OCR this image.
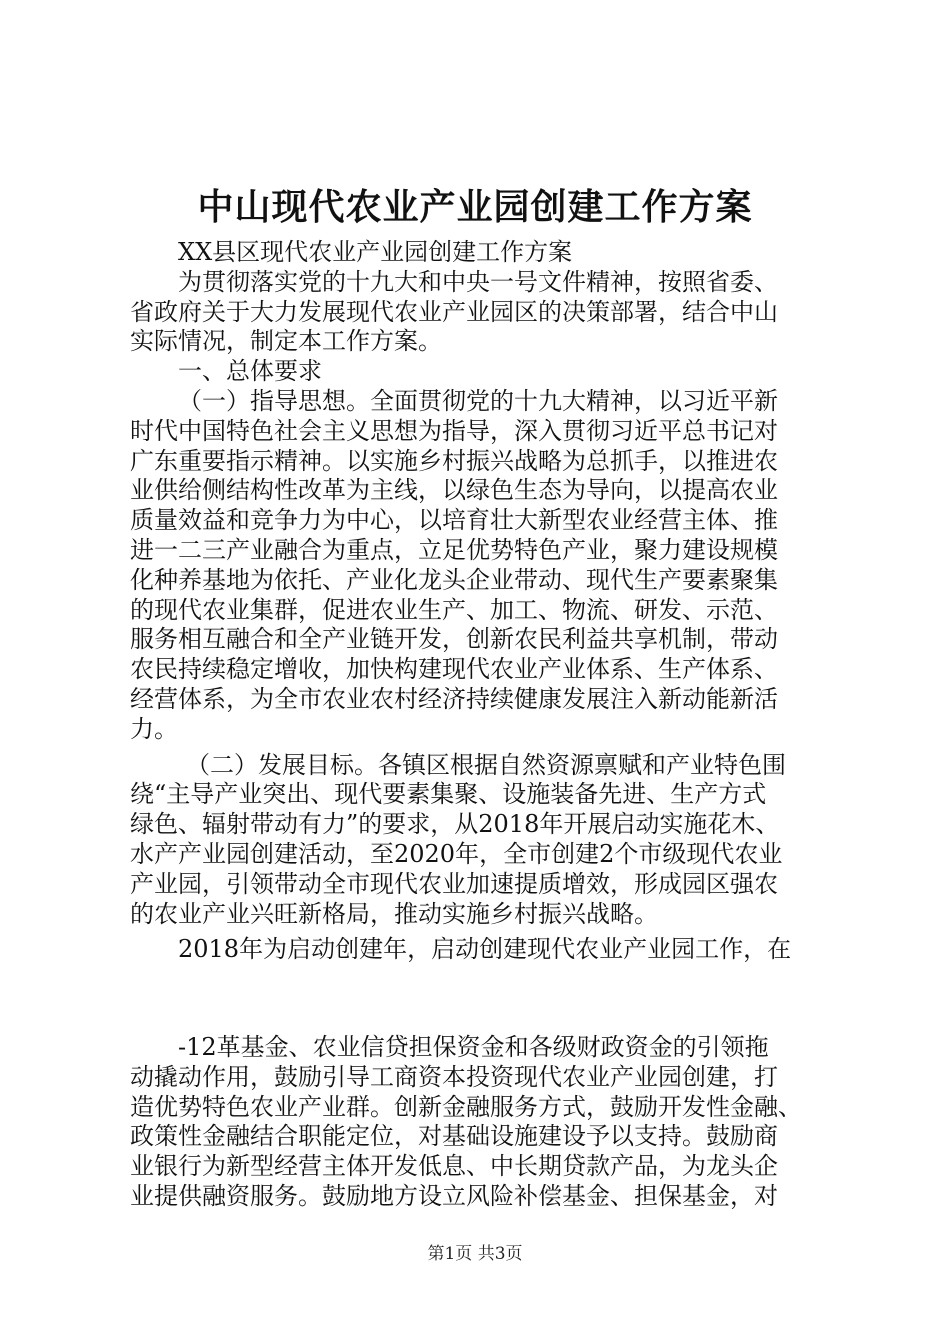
中山现代农业产业园创建工作方案
XX县区现代农业产业园创建工作方案
为贯彻落实党的十九大和中央一号文件精神，按照省委、
省政府关于大力发展现代农业产业园区的决策部署，结合中山
实际情况，制定本工作方案。
一、总体要求
（一）指导思想。全面贯彻党的十九大精神，以习近平新
时代中国特色社会主义思想为指导，深入贯彻习近平总书记对
广东重要指示精神。以实施乡村振兴战略为总抓手，以推进农
业供给侧结构性改革为主线，以绿色生态为导向，以提高农业
质量效益和竞争力为中心，以培育壮大新型农业经营主体、推
进一二三产业融合为重点，立足优势特色产业，聚力建设规模
化种养基地为依托、产业化龙头企业带动、现代生产要素聚集
的现代农业集群，促进农业生产、加工、物流、研发、示范、
服务相互融合和全产业链开发，创新农民利益共享机制，带动
农民持续稳定增收，加快构建现代农业产业体系、生产体系、
经营体系，为全市农业农村经济持续健康发展注入新动能新活
力。
（二）发展目标。各镇区根据自然资源禀赋和产业特色围
绕“主导产业突出、现代要素集聚、设施装备先进、生产方式
绿色、辐射带动有力”的要求，从2018年开展启动实施花木、
水产产业园创建活动，至2020年，全市创建2个市级现代农业
产业园，引领带动全市现代农业加速提质增效，形成园区强农
的农业产业兴旺新格局，推动实施乡村振兴战略。
2018年为启动创建年，启动创建现代农业产业园工作，在
-12革基金、农业信贷担保资金和各级财政资金的引领拖
动撬动作用，鼓励引导工商资本投资现代农业产业园创建，打
造优势特色农业产业群。创新金融服务方式，鼓励开发性金融、
政策性金融结合职能定位，对基础设施建设予以支持。鼓励商
业银行为新型经营主体开发低息、中长期贷款产品，为龙头企
业提供融资服务。鼓励地方设立风险补偿基金、担保基金，对
第1页 共3页
